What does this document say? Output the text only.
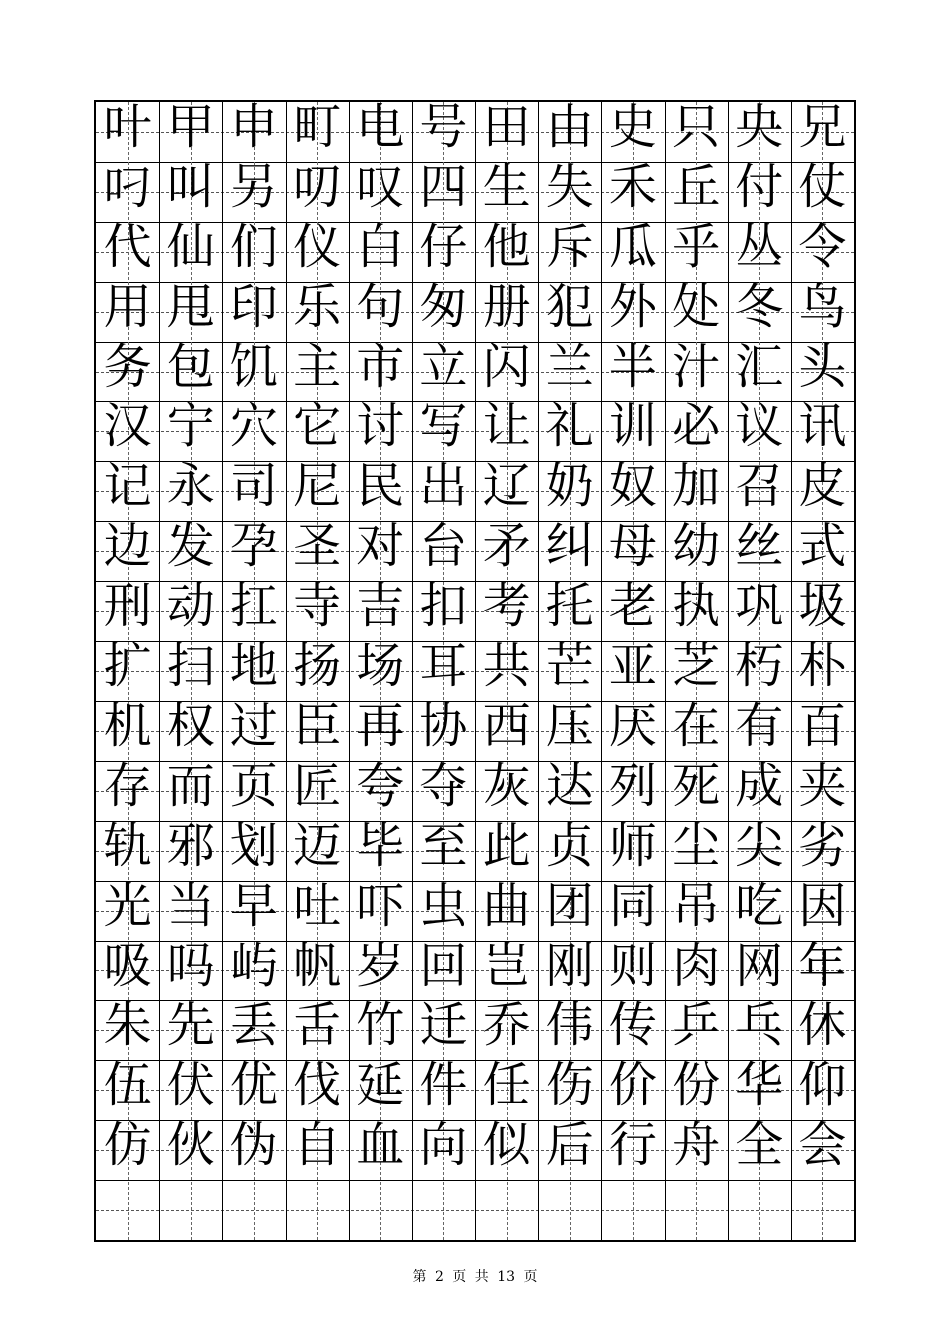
叶 甲 申 町 电 号 田 由 史 只 央 兄
叼 叫 另 叨 叹 四 生 失 禾 丘 付 仗
代 仙 们 仪 白 仔 他 斥 瓜 乎 丛 令
用 甩 印 乐 句 匆 册 犯 外 处 冬 鸟
务 包 饥 主 市 立 闪 兰 半 汁 汇 头
汉 宁 穴 它 讨 写 让 礼 训 必 议 讯
记 永 司 尼 民 出 辽 奶 奴 加 召 皮
边 发 孕 圣 对 台 矛 纠 母 幼 丝 式
刑 动 扛 寺 吉 扣 考 托 老 执 巩 圾
扩 扫 地 扬 场 耳 共 芒 亚 芝 朽 朴
机 权 过 臣 再 协 西 压 厌 在 有 百
存 而 页 匠 夸 夺 灰 达 列 死 成 夹
轨 邪 划 迈 毕 至 此 贞 师 尘 尖 劣
光 当 早 吐 吓 虫 曲 团 同 吊 吃 因
吸 吗 屿 帆 岁 回 岂 刚 则 肉 网 年
朱 先 丢 舌 竹 迁 乔 伟 传 乒 乓 休
伍 伏 优 伐 延 件 任 伤 价 份 华 仰
仿 伙 伪 自 血 向 似 后 行 舟 全 会
第 2 页 共 13 页
